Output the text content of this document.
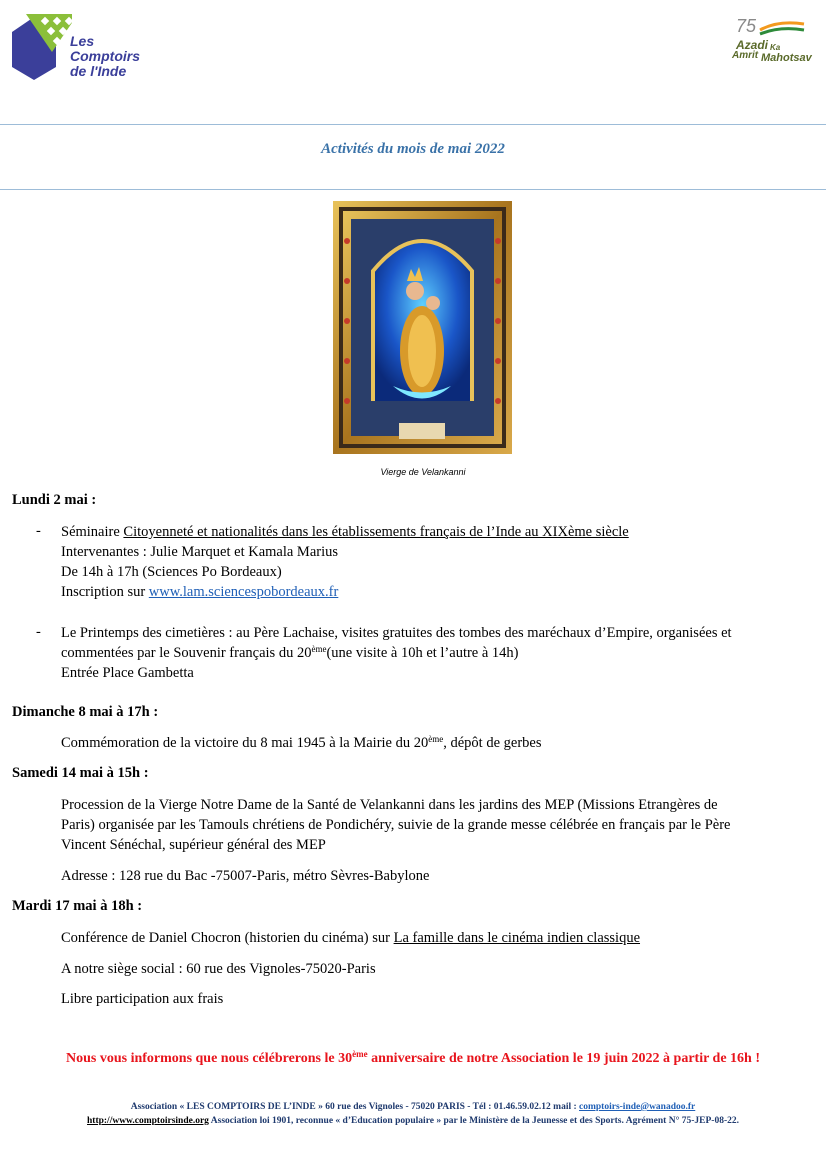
Les Comptoirs
de l'Inde
75
Azadi Ka
Amrit Mahotsav
Activités du mois de mai 2022
Vierge de Velankanni
Lundi 2 mai :
- Séminaire Citoyenneté et nationalités dans les établissements français de l’Inde au XIXème siècle
Intervenantes : Julie Marquet et Kamala Marius
De 14h à 17h (Sciences Po Bordeaux)
Inscription sur www.lam.sciencespobordeaux.fr
- Le Printemps des cimetières : au Père Lachaise, visites gratuites des tombes des maréchaux d’Empire, organisées et
commentées par le Souvenir français du 20ème(une visite à 10h et l’autre à 14h)
Entrée Place Gambetta
Dimanche 8 mai à 17h :
Commémoration de la victoire du 8 mai 1945 à la Mairie du 20ème, dépôt de gerbes
Samedi 14 mai à 15h :
Procession de la Vierge Notre Dame de la Santé de Velankanni dans les jardins des MEP (Missions Etrangères de
Paris) organisée par les Tamouls chrétiens de Pondichéry, suivie de la grande messe célébrée en français par le Père
Vincent Sénéchal, supérieur général des MEP
Adresse : 128 rue du Bac -75007-Paris, métro Sèvres-Babylone
Mardi 17 mai à 18h :
Conférence de Daniel Chocron (historien du cinéma) sur La famille dans le cinéma indien classique
A notre siège social : 60 rue des Vignoles-75020-Paris
Libre participation aux frais
Nous vous informons que nous célébrerons le 30ème anniversaire de notre Association le 19 juin 2022 à partir de 16h !
Association « LES COMPTOIRS DE L’INDE » 60 rue des Vignoles - 75020 PARIS - Tél : 01.46.59.02.12 mail : comptoirs-inde@wanadoo.fr
http://www.comptoirsinde.org Association loi 1901, reconnue « d’Education populaire » par le Ministère de la Jeunesse et des Sports. Agrément N° 75-JEP-08-22.
